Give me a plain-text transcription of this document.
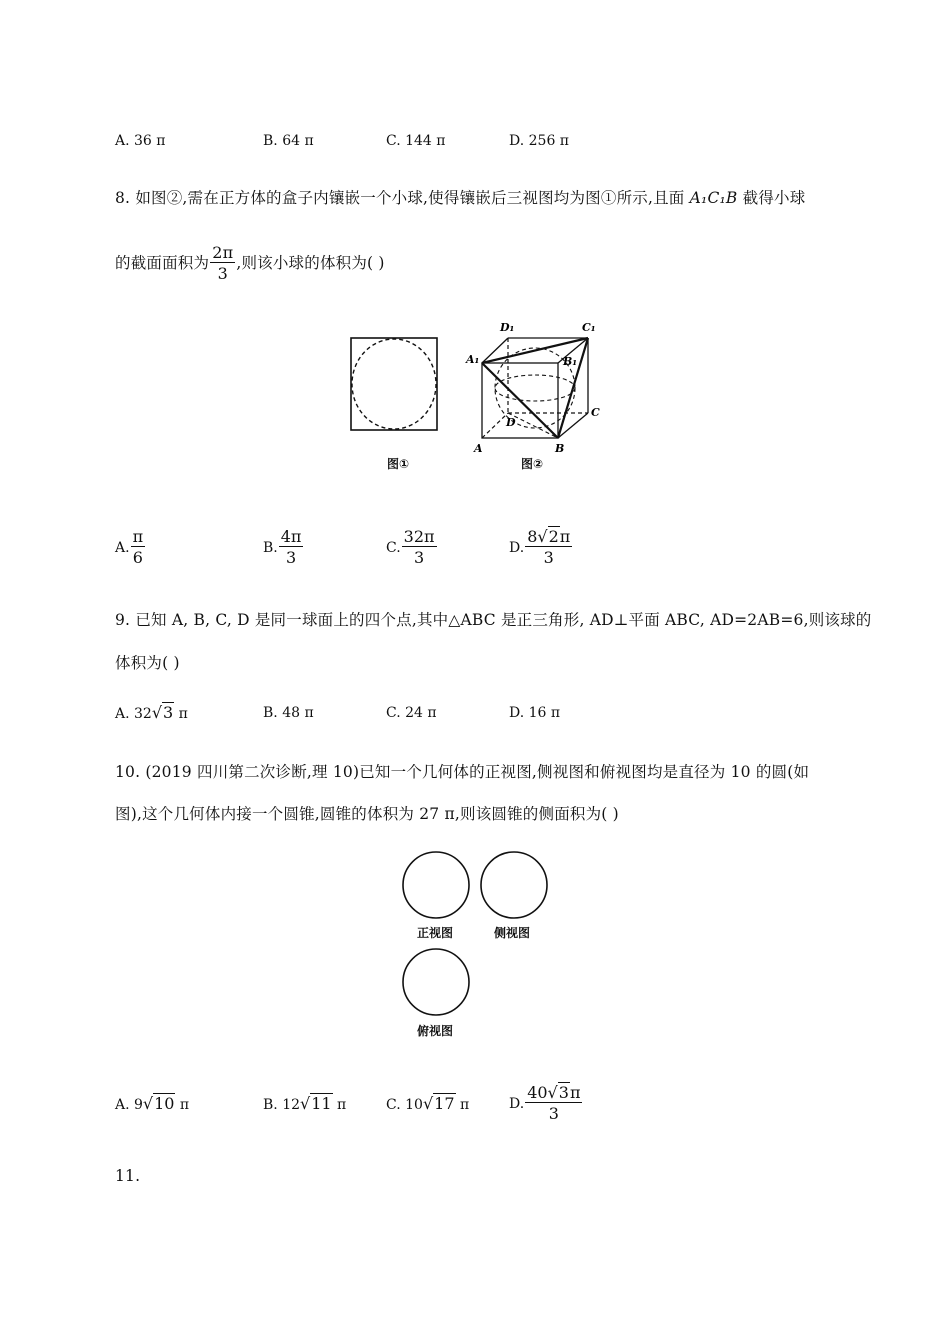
A. 36 π	B. 64 π	C. 144 π	D. 256 π
8. 如图②,需在正方体的盒子内镶嵌一个小球,使得镶嵌后三视图均为图①所示,且面 A₁C₁B 截得小球
的截面面积为 $\frac{2\pi}{3}$ ,则该小球的体积为( )
图①
D₁	C₁
A₁	B₁
D
C
A	B
图②
A. $\frac{\pi}{6}$	B. $\frac{4\pi}{3}$	C. $\frac{32\pi}{3}$	D. $\frac{8√2\pi}{3}$
9. 已知 A, B, C, D 是同一球面上的四个点,其中△ABC 是正三角形, AD⊥平面 ABC, AD=2AB=6,则该球的
体积为( )
A. 32√3 π	B. 48 π	C. 24 π	D. 16 π
10. (2019 四川第二次诊断,理 10)已知一个几何体的正视图,侧视图和俯视图均是直径为 10 的圆(如
图),这个几何体内接一个圆锥,圆锥的体积为 27 π,则该圆锥的侧面积为( )
正视图	侧视图
俯视图
A. 9√10 π	B. 12√11 π	C. 10√17 π	D. $\frac{40√3\pi}{3}$
11.
